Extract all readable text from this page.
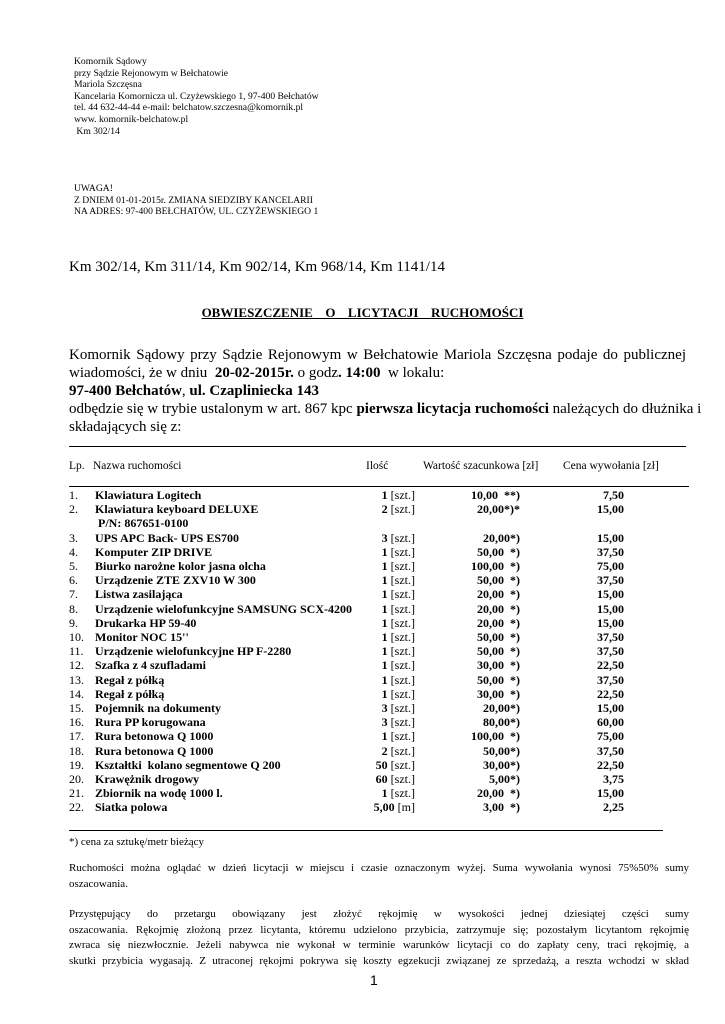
Komornik Sądowy
przy Sądzie Rejonowym w Bełchatowie
Mariola Szczęsna
Kancelaria Komornicza ul. Czyżewskiego 1, 97-400 Bełchatów
tel. 44 632-44-44 e-mail: belchatow.szczesna@komornik.pl
www. komornik-belchatow.pl
Km 302/14
UWAGA!
Z DNIEM 01-01-2015r. ZMIANA SIEDZIBY KANCELARII
NA ADRES: 97-400 BEŁCHATÓW, UL. CZYŻEWSKIEGO 1
Km 302/14, Km 311/14, Km 902/14, Km 968/14, Km 1141/14
OBWIESZCZENIE  O  LICYTACJI  RUCHOMOŚCI
Komornik Sądowy przy Sądzie Rejonowym w Bełchatowie Mariola Szczęsna podaje do publicznej
wiadomości, że w dniu  20-02-2015r. o godz. 14:00  w lokalu:
97-400 Bełchatów, ul. Czapliniecka 143
odbędzie się w trybie ustalonym w art. 867 kpc pierwsza licytacja ruchomości należących do dłużnika i
składających się z:
Lp. Nazwa ruchomości	Ilość	Wartość szacunkowa [zł] Cena wywołania [zł]
1. Klawiatura Logitech	1 [szt.]	10,00  **)	7,50
2. Klawiatura keyboard DELUXE	2 [szt.]	20,00*)*	15,00
P/N: 867651-0100
3. UPS APC Back- UPS ES700	3 [szt.]	20,00*)	15,00
4. Komputer ZIP DRIVE	1 [szt.]	50,00  *)	37,50
5. Biurko narożne kolor jasna olcha	1 [szt.]	100,00  *)	75,00
6. Urządzenie ZTE ZXV10 W 300	1 [szt.]	50,00  *)	37,50
7. Listwa zasilająca	1 [szt.]	20,00  *)	15,00
8. Urządzenie wielofunkcyjne SAMSUNG SCX-4200 1 [szt.]	20,00  *)	15,00
9. Drukarka HP 59-40	1 [szt.]	20,00  *)	15,00
10. Monitor NOC 15''	1 [szt.]	50,00  *)	37,50
11. Urządzenie wielofunkcyjne HP F-2280	1 [szt.]	50,00  *)	37,50
12. Szafka z 4 szufladami	1 [szt.]	30,00  *)	22,50
13. Regał z półką	1 [szt.]	50,00  *)	37,50
14. Regał z półką	1 [szt.]	30,00  *)	22,50
15. Pojemnik na dokumenty	3 [szt.]	20,00*)	15,00
16. Rura PP korugowana	3 [szt.]	80,00*)	60,00
17. Rura betonowa Q 1000	1 [szt.]	100,00  *)	75,00
18. Rura betonowa Q 1000	2 [szt.]	50,00*)	37,50
19. Kształtki  kolano segmentowe Q 200	50 [szt.]	30,00*)	22,50
20. Krawężnik drogowy	60 [szt.]	5,00*)	3,75
21. Zbiornik na wodę 1000 l.	1 [szt.]	20,00  *)	15,00
22. Siatka polowa	5,00 [m]	3,00  *)	2,25
*) cena za sztukę/metr bieżący
Ruchomości można oglądać w dzień licytacji w miejscu i czasie oznaczonym wyżej. Suma wywołania wynosi 75%50% sumy
oszacowania.
Przystępujący do przetargu obowiązany jest złożyć rękojmię w wysokości jednej dziesiątej części sumy
oszacowania. Rękojmię złożoną przez licytanta, któremu udzielono przybicia, zatrzymuje się; pozostałym licytantom rękojmię
zwraca się niezwłocznie. Jeżeli nabywca nie wykonał w terminie warunków licytacji co do zapłaty ceny, traci rękojmię, a
skutki przybicia wygasają. Z utraconej rękojmi pokrywa się koszty egzekucji związanej ze sprzedażą, a reszta wchodzi w skład
1
